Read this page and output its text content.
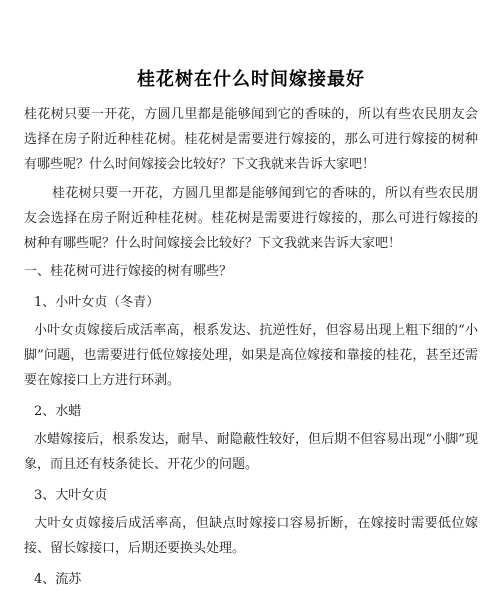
桂花树在什么时间嫁接最好

桂花树只要一开花，方圆几里都是能够闻到它的香味的，所以有些农民朋友会选择在房子附近种桂花树。桂花树是需要进行嫁接的，那么可进行嫁接的树种有哪些呢？什么时间嫁接会比较好？下文我就来告诉大家吧！

桂花树只要一开花，方圆几里都是能够闻到它的香味的，所以有些农民朋友会选择在房子附近种桂花树。桂花树是需要进行嫁接的，那么可进行嫁接的树种有哪些呢？什么时间嫁接会比较好？下文我就来告诉大家吧！

一、桂花树可进行嫁接的树有哪些？

1、小叶女贞（冬青）

小叶女贞嫁接后成活率高，根系发达、抗逆性好，但容易出现上粗下细的“小脚”问题，也需要进行低位嫁接处理，如果是高位嫁接和靠接的桂花，甚至还需要在嫁接口上方进行环剥。

2、水蜡

水蜡嫁接后，根系发达，耐旱、耐隐蔽性较好，但后期不但容易出现“小脚”现象，而且还有枝条徒长、开花少的问题。

3、大叶女贞

大叶女贞嫁接后成活率高，但缺点时嫁接口容易折断，在嫁接时需要低位嫁接、留长嫁接口，后期还要换头处理。

4、流苏
